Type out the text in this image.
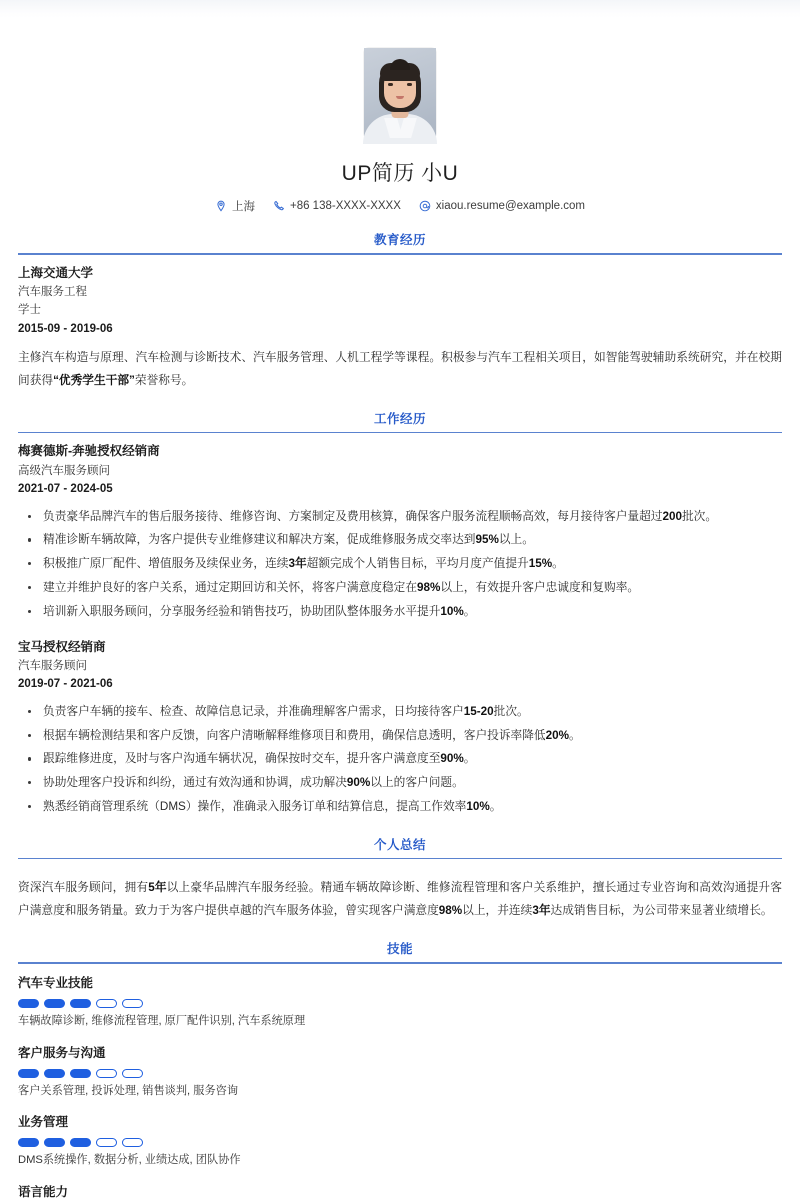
UP简历 小U
上海	+86 138-XXXX-XXXX	xiaou.resume@example.com
教育经历
上海交通大学
汽车服务工程
学士
2015-09 - 2019-06
主修汽车构造与原理、汽车检测与诊断技术、汽车服务管理、人机工程学等课程。积极参与汽车工程相关项目，如智能驾驶辅助系统研究，并在校期间获得“优秀学生干部”荣誉称号。
工作经历
梅赛德斯-奔驰授权经销商
高级汽车服务顾问
2021-07 - 2024-05
负责豪华品牌汽车的售后服务接待、维修咨询、方案制定及费用核算，确保客户服务流程顺畅高效，每月接待客户量超过200批次。
精准诊断车辆故障，为客户提供专业维修建议和解决方案，促成维修服务成交率达到95%以上。
积极推广原厂配件、增值服务及续保业务，连续3年超额完成个人销售目标，平均月度产值提升15%。
建立并维护良好的客户关系，通过定期回访和关怀，将客户满意度稳定在98%以上，有效提升客户忠诚度和复购率。
培训新入职服务顾问，分享服务经验和销售技巧，协助团队整体服务水平提升10%。
宝马授权经销商
汽车服务顾问
2019-07 - 2021-06
负责客户车辆的接车、检查、故障信息记录，并准确理解客户需求，日均接待客户15-20批次。
根据车辆检测结果和客户反馈，向客户清晰解释维修项目和费用，确保信息透明，客户投诉率降低20%。
跟踪维修进度，及时与客户沟通车辆状况，确保按时交车，提升客户满意度至90%。
协助处理客户投诉和纠纷，通过有效沟通和协调，成功解决90%以上的客户问题。
熟悉经销商管理系统（DMS）操作，准确录入服务订单和结算信息，提高工作效率10%。
个人总结
资深汽车服务顾问，拥有5年以上豪华品牌汽车服务经验。精通车辆故障诊断、维修流程管理和客户关系维护，擅长通过专业咨询和高效沟通提升客户满意度和服务销量。致力于为客户提供卓越的汽车服务体验，曾实现客户满意度98%以上，并连续3年达成销售目标，为公司带来显著业绩增长。
技能
汽车专业技能
车辆故障诊断, 维修流程管理, 原厂配件识别, 汽车系统原理
客户服务与沟通
客户关系管理, 投诉处理, 销售谈判, 服务咨询
业务管理
DMS系统操作, 数据分析, 业绩达成, 团队协作
语言能力
